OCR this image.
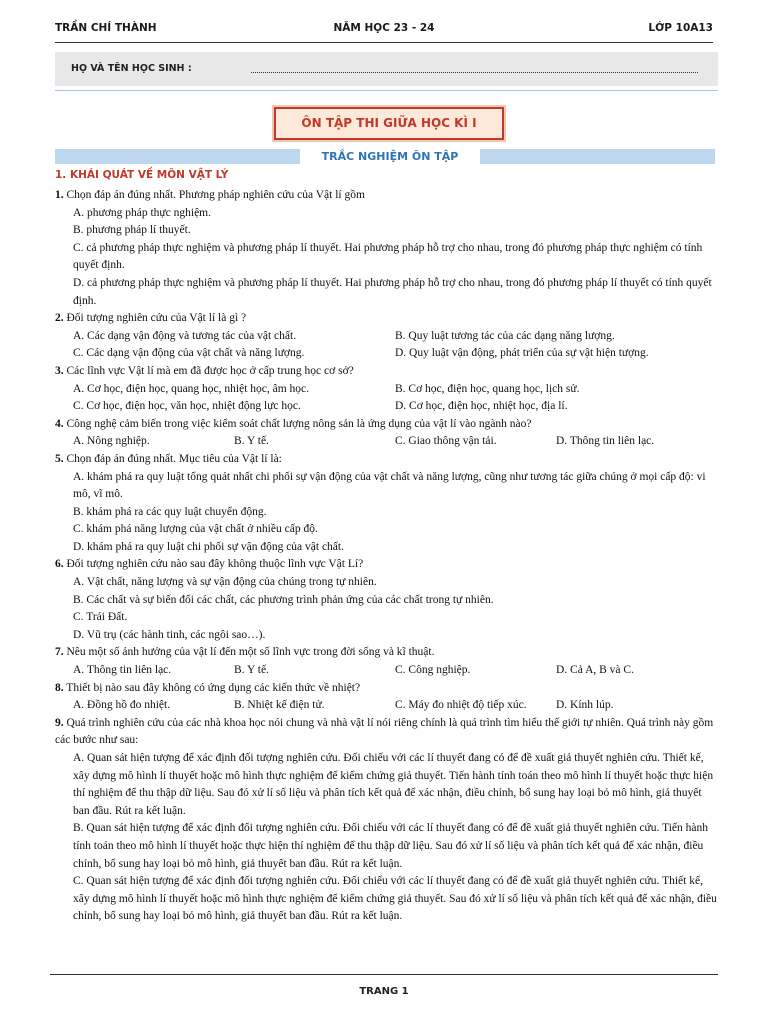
TRẦN CHÍ THÀNH	NĂM HỌC 23 - 24	LỚP 10A13
HỌ VÀ TÊN HỌC SINH :
ÔN TẬP THI GIỮA HỌC KÌ I
TRẮC NGHIỆM ÔN TẬP
1. KHÁI QUÁT VỀ MÔN VẬT LÝ

1. Chọn đáp án đúng nhất. Phương pháp nghiên cứu của Vật lí gồm

A. phương pháp thực nghiệm.

B. phương pháp lí thuyết.

C. cả phương pháp thực nghiệm và phương pháp lí thuyết. Hai phương pháp hỗ trợ cho nhau, trong đó phương pháp thực nghiệm có tính quyết định.

D. cả phương pháp thực nghiệm và phương pháp lí thuyết. Hai phương pháp hỗ trợ cho nhau, trong đó phương pháp lí thuyết có tính quyết định.

2. Đối tượng nghiên cứu của Vật lí là gì ?

A. Các dạng vận động và tương tác của vật chất.	B. Quy luật tương tác của các dạng năng lượng.
C. Các dạng vận động của vật chất và năng lượng.	D. Quy luật vận động, phát triển của sự vật hiện tượng.

3. Các lĩnh vực Vật lí mà em đã được học ở cấp trung học cơ sở?

A. Cơ học, điện học, quang học, nhiệt học, âm học.	B. Cơ học, điện học, quang học, lịch sử.
C. Cơ học, điện học, văn học, nhiệt động lực học.	D. Cơ học, điện học, nhiệt học, địa lí.

4. Công nghệ cảm biến trong việc kiểm soát chất lượng nông sản là ứng dụng của vật lí vào ngành nào?

A. Nông nghiệp.	B. Y tế.	C. Giao thông vận tải.	D. Thông tin liên lạc.

5. Chọn đáp án đúng nhất. Mục tiêu của Vật lí là:

A. khám phá ra quy luật tổng quát nhất chi phối sự vận động của vật chất và năng lượng, cũng như tương tác giữa chúng ở mọi cấp độ: vi mô, vĩ mô.

B. khám phá ra các quy luật chuyển động.

C. khám phá năng lượng của vật chất ở nhiều cấp độ.

D. khám phá ra quy luật chi phối sự vận động của vật chất.

6. Đối tượng nghiên cứu nào sau đây không thuộc lĩnh vực Vật Lí?

A. Vật chất, năng lượng và sự vận động của chúng trong tự nhiên.

B. Các chất và sự biến đổi các chất, các phương trình phản ứng của các chất trong tự nhiên.

C. Trái Đất.

D. Vũ trụ (các hành tinh, các ngôi sao…).

7. Nêu một số ảnh hưởng của vật lí đến một số lĩnh vực trong đời sống và kĩ thuật.

A. Thông tin liên lạc.	B. Y tế.	C. Công nghiệp.	D. Cả A, B và C.

8. Thiết bị nào sau đây không có ứng dụng các kiến thức về nhiệt?

A. Đồng hồ đo nhiệt.	B. Nhiệt kế điện tử.	C. Máy đo nhiệt độ tiếp xúc.	D. Kính lúp.

9. Quá trình nghiên cứu của các nhà khoa học nói chung và nhà vật lí nói riêng chính là quá trình tìm hiểu thế giới tự nhiên. Quá trình này gồm các bước như sau:

A. Quan sát hiện tượng để xác định đối tượng nghiên cứu. Đối chiếu với các lí thuyết đang có để đề xuất giả thuyết nghiên cứu. Thiết kế, xây dựng mô hình lí thuyết hoặc mô hình thực nghiệm để kiểm chứng giả thuyết. Tiến hành tính toán theo mô hình lí thuyết hoặc thực hiện thí nghiệm để thu thập dữ liệu. Sau đó xử lí số liệu và phân tích kết quả để xác nhận, điều chỉnh, bổ sung hay loại bỏ mô hình, giả thuyết ban đầu. Rút ra kết luận.

B. Quan sát hiện tượng để xác định đối tượng nghiên cứu. Đối chiếu với các lí thuyết đang có để đề xuất giả thuyết nghiên cứu. Tiến hành tính toán theo mô hình lí thuyết hoặc thực hiện thí nghiệm để thu thập dữ liệu. Sau đó xử lí số liệu và phân tích kết quả để xác nhận, điều chỉnh, bổ sung hay loại bỏ mô hình, giả thuyết ban đầu. Rút ra kết luận.

C. Quan sát hiện tượng để xác định đối tượng nghiên cứu. Đối chiếu với các lí thuyết đang có để đề xuất giả thuyết nghiên cứu. Thiết kế, xây dựng mô hình lí thuyết hoặc mô hình thực nghiệm để kiểm chứng giả thuyết. Sau đó xử lí số liệu và phân tích kết quả để xác nhận, điều chỉnh, bổ sung hay loại bỏ mô hình, giả thuyết ban đầu. Rút ra kết luận.

TRANG 1
